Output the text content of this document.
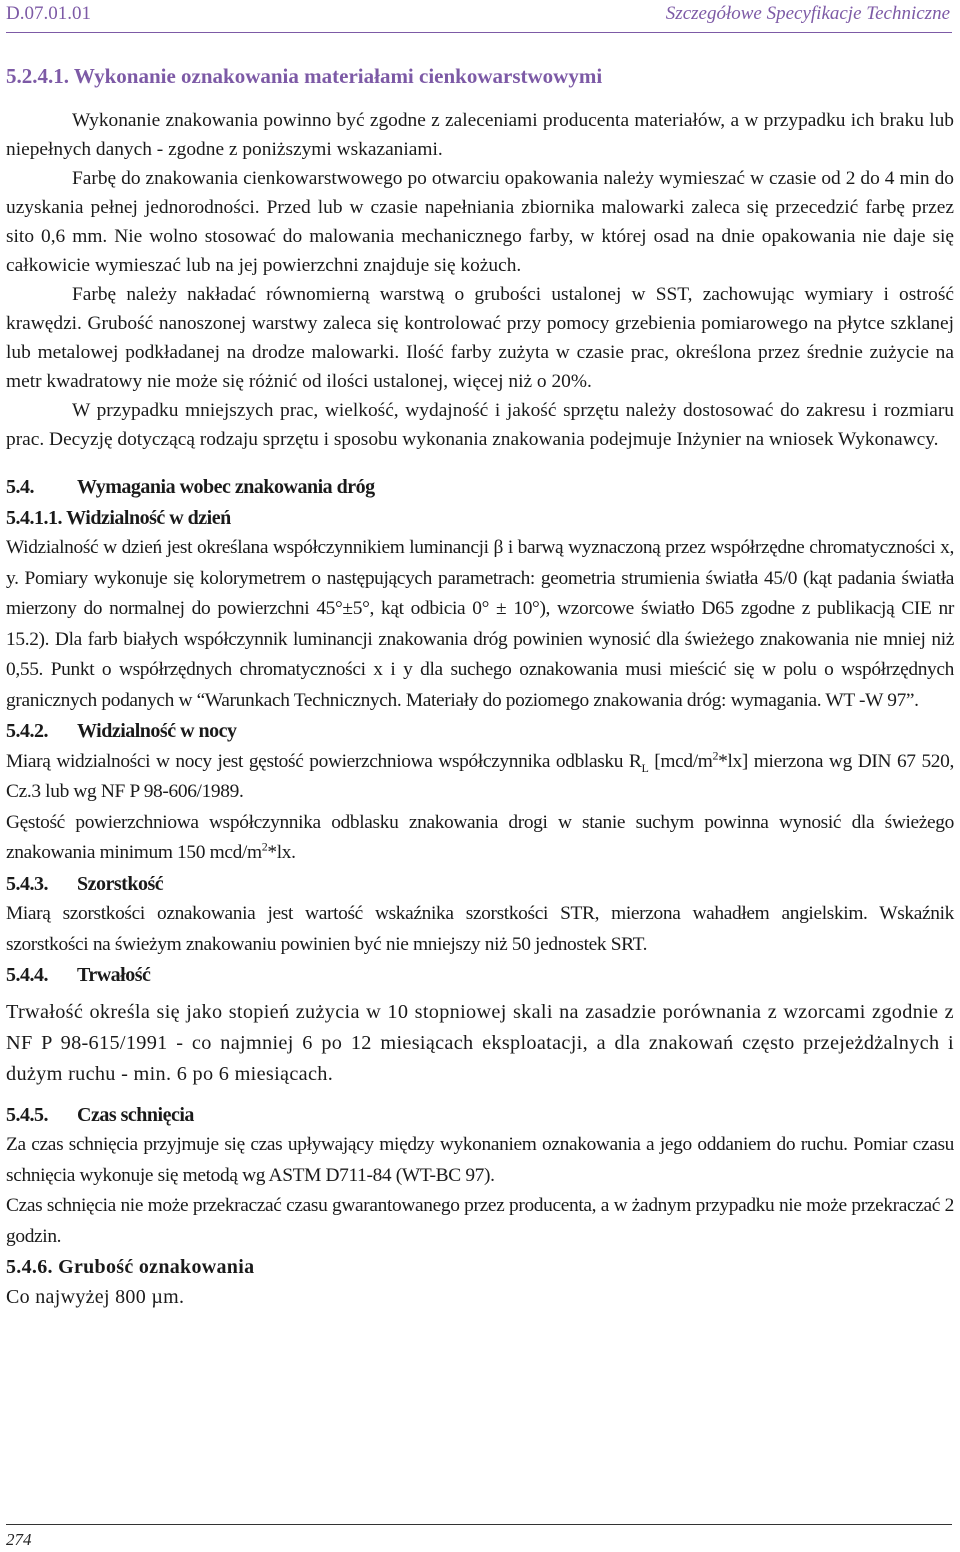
D.07.01.01	Szczegółowe Specyfikacje Techniczne
5.2.4.1. Wykonanie oznakowania materiałami cienkowarstwowymi

Wykonanie znakowania powinno być zgodne z zaleceniami producenta materiałów, a w przypadku ich braku lub niepełnych danych - zgodne z poniższymi wskazaniami.

Farbę do znakowania cienkowarstwowego po otwarciu opakowania należy wymieszać w czasie od 2 do 4 min do uzyskania pełnej jednorodności. Przed lub w czasie napełniania zbiornika malowarki zaleca się przecedzić farbę przez sito 0,6 mm. Nie wolno stosować do malowania mechanicznego farby, w której osad na dnie opakowania nie daje się całkowicie wymieszać lub na jej powierzchni znajduje się kożuch.

Farbę należy nakładać równomierną warstwą o grubości ustalonej w SST, zachowując wymiary i ostrość krawędzi. Grubość nanoszonej warstwy zaleca się kontrolować przy pomocy grzebienia pomiarowego na płytce szklanej lub metalowej podkładanej na drodze malowarki. Ilość farby zużyta w czasie prac, określona przez średnie zużycie na metr kwadratowy nie może się różnić od ilości ustalonej, więcej niż o 20%.

W przypadku mniejszych prac, wielkość, wydajność i jakość sprzętu należy dostosować do zakresu i rozmiaru prac. Decyzję dotyczącą rodzaju sprzętu i sposobu wykonania znakowania podejmuje Inżynier na wniosek Wykonawcy.

5.4. Wymagania wobec znakowania dróg
5.4.1.1. Widzialność w dzień

Widzialność w dzień jest określana współczynnikiem luminancji β i barwą wyznaczoną przez współrzędne chromatyczności x, y. Pomiary wykonuje się kolorymetrem o następujących parametrach: geometria strumienia światła 45/0 (kąt padania światła mierzony do normalnej do powierzchni 45°±5°, kąt odbicia 0° ± 10°), wzorcowe światło D65 zgodne z publikacją CIE nr 15.2). Dla farb białych współczynnik luminancji znakowania dróg powinien wynosić dla świeżego znakowania nie mniej niż 0,55. Punkt o współrzędnych chromatyczności x i y dla suchego oznakowania musi mieścić się w polu o współrzędnych granicznych podanych w “Warunkach Technicznych. Materiały do poziomego znakowania dróg: wymagania. WT -W 97”.

5.4.2. Widzialność w nocy

Miarą widzialności w nocy jest gęstość powierzchniowa współczynnika odblasku $R_L$ $[mcd/m^2*lx]$ mierzona wg DIN 67 520, Cz.3 lub wg NF P 98-606/1989.

Gęstość powierzchniowa współczynnika odblasku znakowania drogi w stanie suchym powinna wynosić dla świeżego znakowania minimum 150 mcd/$m^2*lx$.

5.4.3. Szorstkość

Miarą szorstkości oznakowania jest wartość wskaźnika szorstkości STR, mierzona wahadłem angielskim. Wskaźnik szorstkości na świeżym znakowaniu powinien być nie mniejszy niż 50 jednostek SRT.

5.4.4. Trwałość

Trwałość określa się jako stopień zużycia w 10 stopniowej skali na zasadzie porównania z wzorcami zgodnie z NF P 98-615/1991 - co najmniej 6 po 12 miesiącach eksploatacji, a dla znakowań często przejeżdżalnych i dużym ruchu - min. 6 po 6 miesiącach.

5.4.5. Czas schnięcia

Za czas schnięcia przyjmuje się czas upływający między wykonaniem oznakowania a jego oddaniem do ruchu. Pomiar czasu schnięcia wykonuje się metodą wg ASTM D711-84 (WT-BC 97).

Czas schnięcia nie może przekraczać czasu gwarantowanego przez producenta, a w żadnym przypadku nie może przekraczać 2 godzin.

5.4.6. Grubość oznakowania

Co najwyżej 800 µm.

274
